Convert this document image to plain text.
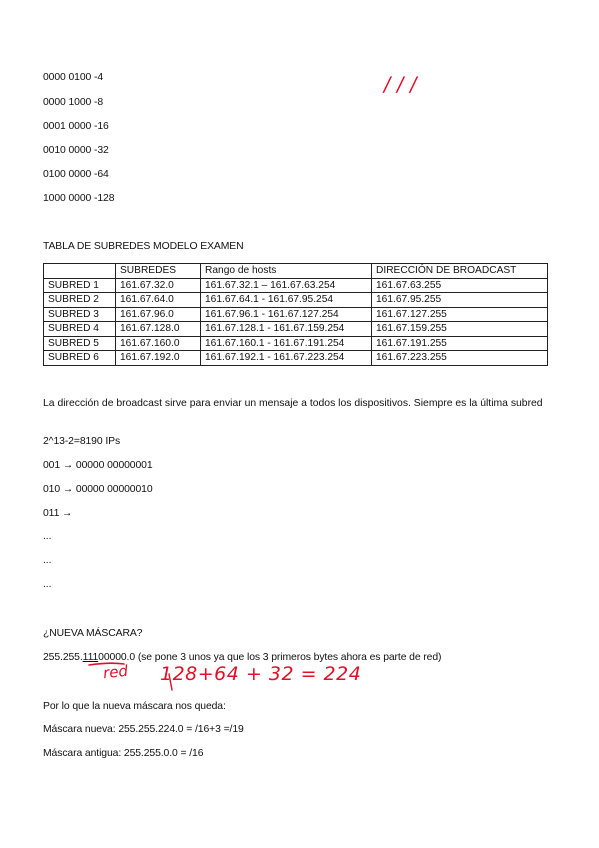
0000 0100 -4
0000 1000 -8
0001 0000 -16
0010 0000 -32
0100 0000 -64
1000 0000 -128
/ / /
TABLA DE SUBREDES MODELO EXAMEN
	SUBREDES	Rango de hosts	DIRECCIÓN DE BROADCAST
SUBRED 1	161.67.32.0	161.67.32.1 – 161.67.63.254	161.67.63.255
SUBRED 2	161.67.64.0	161.67.64.1 - 161.67.95.254	161.67.95.255
SUBRED 3	161.67.96.0	161.67.96.1 - 161.67.127.254	161.67.127.255
SUBRED 4	161.67.128.0	161.67.128.1 - 161.67.159.254	161.67.159.255
SUBRED 5	161.67.160.0	161.67.160.1 - 161.67.191.254	161.67.191.255
SUBRED 6	161.67.192.0	161.67.192.1 - 161.67.223.254	161.67.223.255
La dirección de broadcast sirve para enviar un mensaje a todos los dispositivos. Siempre es la última subred
2^13-2=8190 IPs
001 → 00000 00000001
010 → 00000 00000010
011 →
...
...
...
¿NUEVA MÁSCARA?
255.255.11100000.0 (se pone 3 unos ya que los 3 primeros bytes ahora es parte de red)
red 128+64 + 32 = 224
Por lo que la nueva máscara nos queda:
Máscara nueva: 255.255.224.0 = /16+3 =/19
Máscara antigua: 255.255.0.0 = /16
